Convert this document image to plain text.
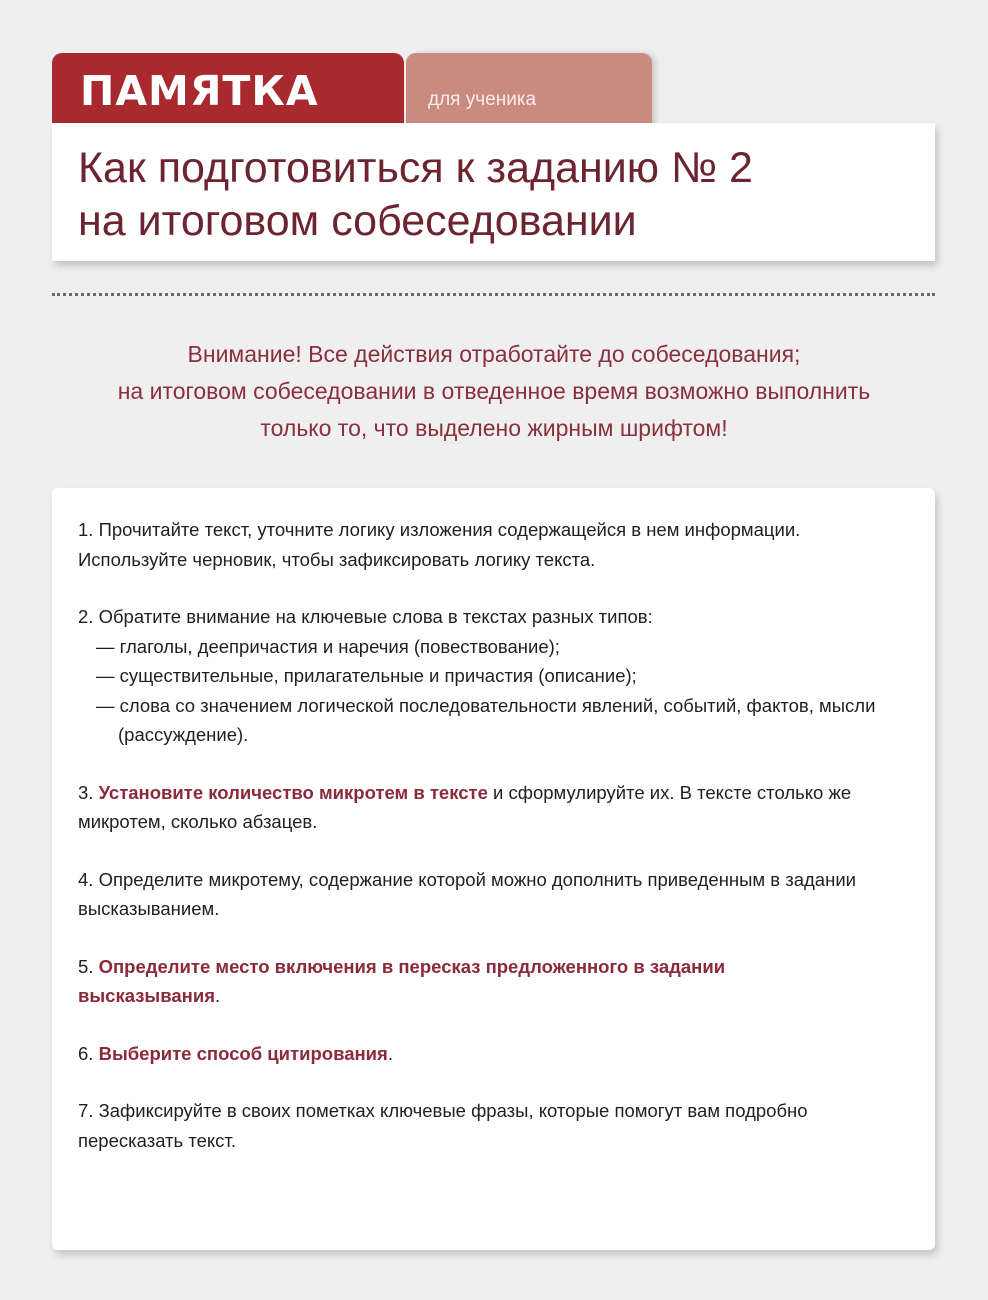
ПАМЯТКА	для ученика
Как подготовиться к заданию № 2
на итоговом собеседовании
Внимание! Все действия отработайте до собеседования;
на итоговом собеседовании в отведенное время возможно выполнить
только то, что выделено жирным шрифтом!
1. Прочитайте текст, уточните логику изложения содержащейся в нем информации.
Используйте черновик, чтобы зафиксировать логику текста.
2. Обратите внимание на ключевые слова в текстах разных типов:
— глаголы, деепричастия и наречия (повествование);
— существительные, прилагательные и причастия (описание);
— слова со значением логической последовательности явлений, событий, фактов, мысли
(рассуждение).
3. Установите количество микротем в тексте и сформулируйте их. В тексте столько же
микротем, сколько абзацев.
4. Определите микротему, содержание которой можно дополнить приведенным в задании
высказыванием.
5. Определите место включения в пересказ предложенного в задании
высказывания.
6. Выберите способ цитирования.
7. Зафиксируйте в своих пометках ключевые фразы, которые помогут вам подробно
пересказать текст.
